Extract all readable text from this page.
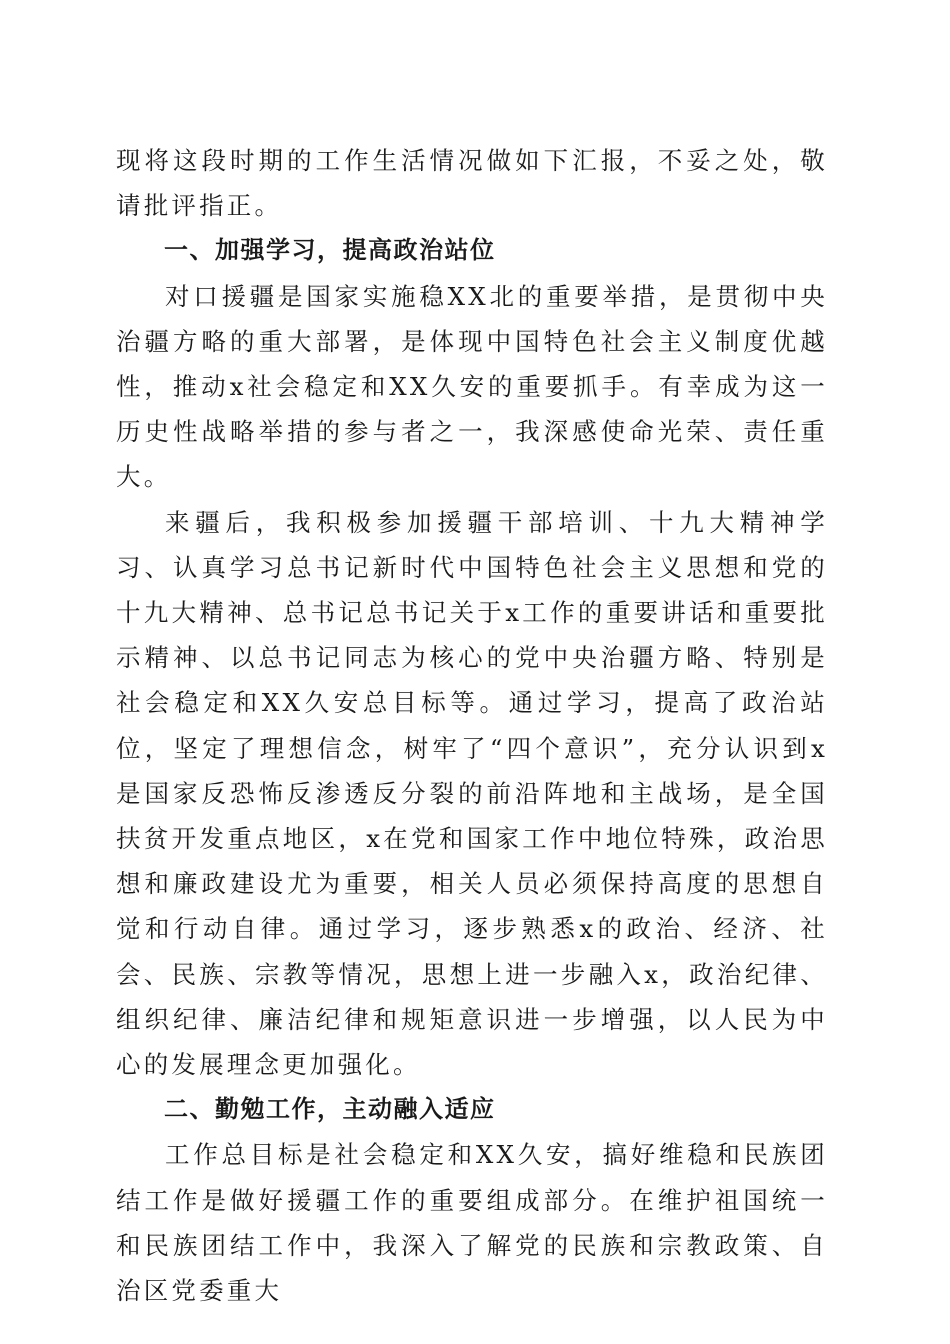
现将这段时期的工作生活情况做如下汇报，不妥之处，敬请批评指正。

一、加强学习，提高政治站位

对口援疆是国家实施稳XX北的重要举措，是贯彻中央治疆方略的重大部署，是体现中国特色社会主义制度优越性，推动x社会稳定和XX久安的重要抓手。有幸成为这一历史性战略举措的参与者之一，我深感使命光荣、责任重大。

来疆后，我积极参加援疆干部培训、十九大精神学习、认真学习总书记新时代中国特色社会主义思想和党的十九大精神、总书记总书记关于x工作的重要讲话和重要批示精神、以总书记同志为核心的党中央治疆方略、特别是社会稳定和XX久安总目标等。通过学习，提高了政治站位，坚定了理想信念，树牢了“四个意识”，充分认识到x是国家反恐怖反渗透反分裂的前沿阵地和主战场，是全国扶贫开发重点地区，x在党和国家工作中地位特殊，政治思想和廉政建设尤为重要，相关人员必须保持高度的思想自觉和行动自律。通过学习，逐步熟悉x的政治、经济、社会、民族、宗教等情况，思想上进一步融入x，政治纪律、组织纪律、廉洁纪律和规矩意识进一步增强，以人民为中心的发展理念更加强化。

二、勤勉工作，主动融入适应

工作总目标是社会稳定和XX久安，搞好维稳和民族团结工作是做好援疆工作的重要组成部分。在维护祖国统一和民族团结工作中，我深入了解党的民族和宗教政策、自治区党委重大
